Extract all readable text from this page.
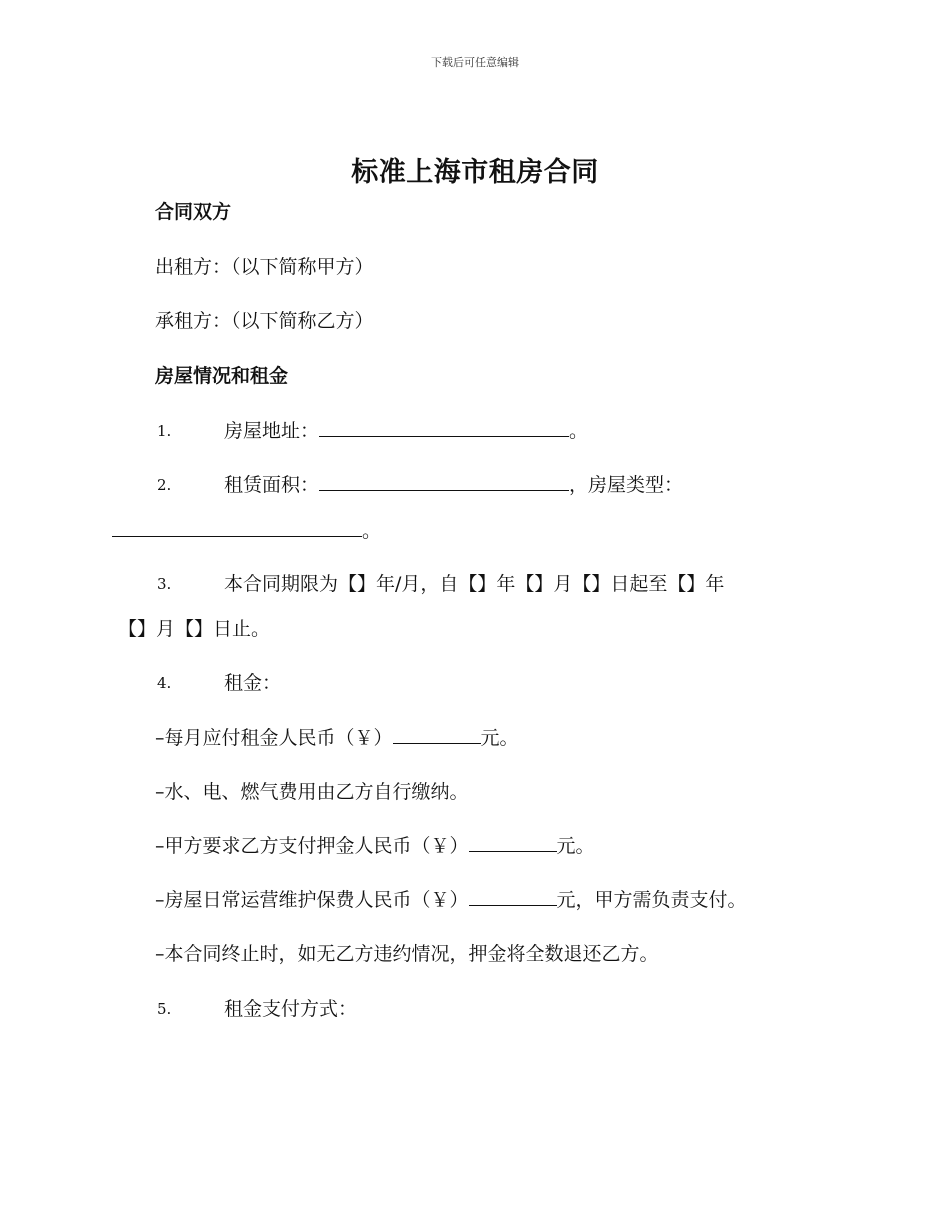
下载后可任意编辑
标准上海市租房合同
合同双方
出租方：（以下简称甲方）
承租方：（以下简称乙方）
房屋情况和租金
1.	房屋地址：	。
2.	租赁面积：	，房屋类型：
。
3.	本合同期限为【】年/月，自【】年【】月【】日起至【】年
【】月【】日止。
4.	租金：
–每月应付租金人民币（￥）	元。
–水、电、燃气费用由乙方自行缴纳。
–甲方要求乙方支付押金人民币（￥）	元。
–房屋日常运营维护保费人民币（￥）	元，甲方需负责支付。
–本合同终止时，如无乙方违约情况，押金将全数退还乙方。
5.	租金支付方式：
